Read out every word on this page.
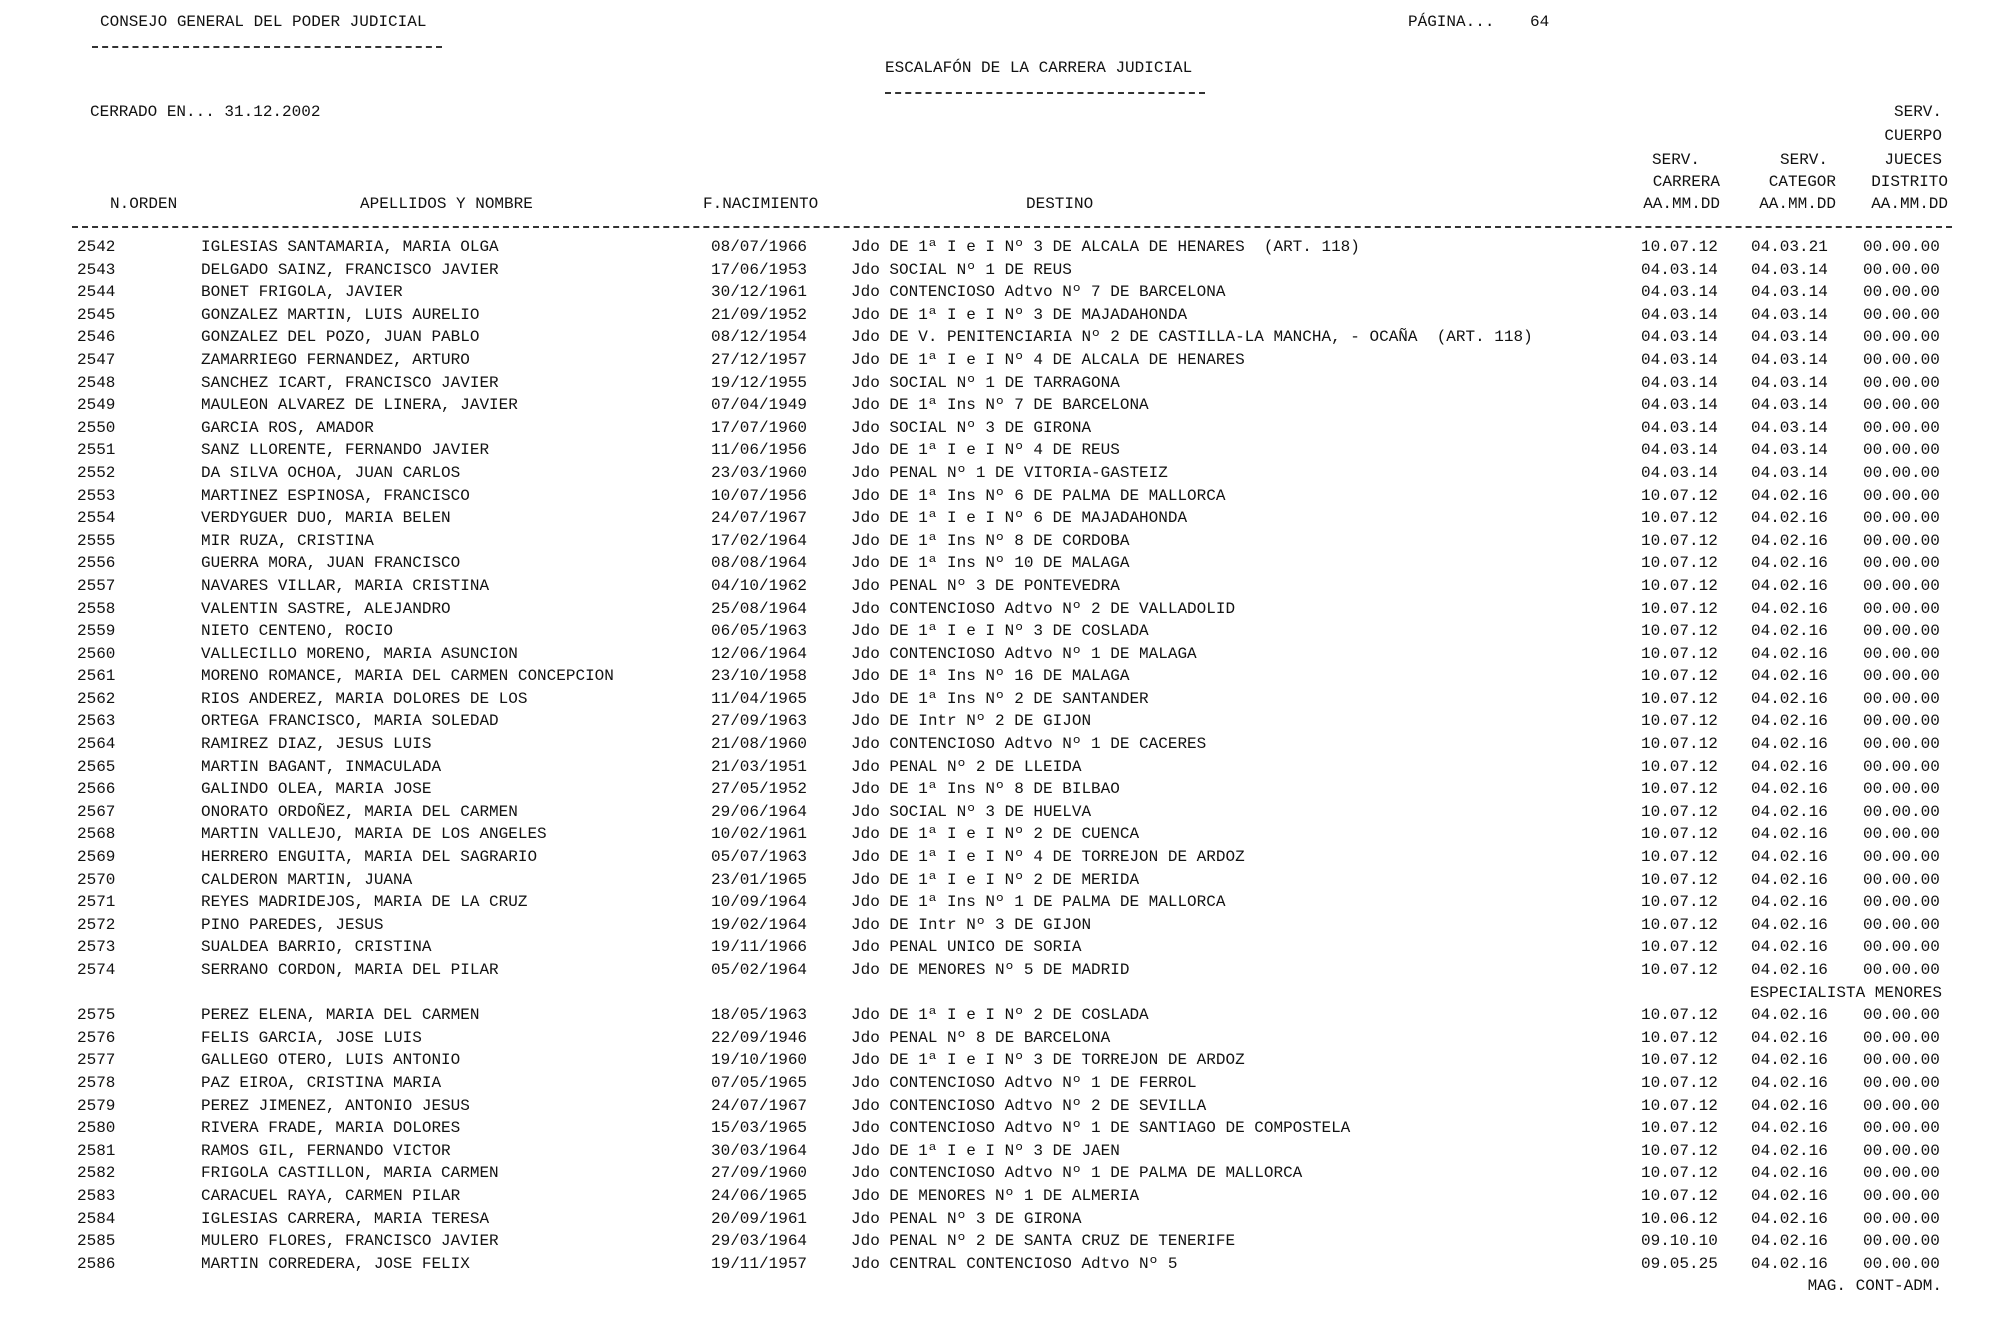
CONSEJO GENERAL DEL PODER JUDICIAL	PÁGINA... 64
ESCALAFÓN DE LA CARRERA JUDICIAL
CERRADO EN... 31.12.2002
N.ORDEN	APELLIDOS Y NOMBRE	F.NACIMIENTO	DESTINO
SERV.
CARRERA
AA.MM.DD
SERV.
CATEGOR
AA.MM.DD
SERV.
CUERPO
JUECES
DISTRITO
AA.MM.DD
2542	IGLESIAS SANTAMARIA, MARIA OLGA	08/07/1966	Jdo DE 1ª I e I Nº 3 DE ALCALA DE HENARES  (ART. 118)	10.07.12 04.03.21 00.00.00
2543	DELGADO SAINZ, FRANCISCO JAVIER	17/06/1953	Jdo SOCIAL Nº 1 DE REUS	04.03.14 04.03.14 00.00.00
2544	BONET FRIGOLA, JAVIER	30/12/1961	Jdo CONTENCIOSO Adtvo Nº 7 DE BARCELONA	04.03.14 04.03.14 00.00.00
2545	GONZALEZ MARTIN, LUIS AURELIO	21/09/1952	Jdo DE 1ª I e I Nº 3 DE MAJADAHONDA	04.03.14 04.03.14 00.00.00
2546	GONZALEZ DEL POZO, JUAN PABLO	08/12/1954	Jdo DE V. PENITENCIARIA Nº 2 DE CASTILLA-LA MANCHA, - OCAÑA  (ART. 118)	04.03.14 04.03.14 00.00.00
2547	ZAMARRIEGO FERNANDEZ, ARTURO	27/12/1957	Jdo DE 1ª I e I Nº 4 DE ALCALA DE HENARES	04.03.14 04.03.14 00.00.00
2548	SANCHEZ ICART, FRANCISCO JAVIER	19/12/1955	Jdo SOCIAL Nº 1 DE TARRAGONA	04.03.14 04.03.14 00.00.00
2549	MAULEON ALVAREZ DE LINERA, JAVIER	07/04/1949	Jdo DE 1ª Ins Nº 7 DE BARCELONA	04.03.14 04.03.14 00.00.00
2550	GARCIA ROS, AMADOR	17/07/1960	Jdo SOCIAL Nº 3 DE GIRONA	04.03.14 04.03.14 00.00.00
2551	SANZ LLORENTE, FERNANDO JAVIER	11/06/1956	Jdo DE 1ª I e I Nº 4 DE REUS	04.03.14 04.03.14 00.00.00
2552	DA SILVA OCHOA, JUAN CARLOS	23/03/1960	Jdo PENAL Nº 1 DE VITORIA-GASTEIZ	04.03.14 04.03.14 00.00.00
2553	MARTINEZ ESPINOSA, FRANCISCO	10/07/1956	Jdo DE 1ª Ins Nº 6 DE PALMA DE MALLORCA	10.07.12 04.02.16 00.00.00
2554	VERDYGUER DUO, MARIA BELEN	24/07/1967	Jdo DE 1ª I e I Nº 6 DE MAJADAHONDA	10.07.12 04.02.16 00.00.00
2555	MIR RUZA, CRISTINA	17/02/1964	Jdo DE 1ª Ins Nº 8 DE CORDOBA	10.07.12 04.02.16 00.00.00
2556	GUERRA MORA, JUAN FRANCISCO	08/08/1964	Jdo DE 1ª Ins Nº 10 DE MALAGA	10.07.12 04.02.16 00.00.00
2557	NAVARES VILLAR, MARIA CRISTINA	04/10/1962	Jdo PENAL Nº 3 DE PONTEVEDRA	10.07.12 04.02.16 00.00.00
2558	VALENTIN SASTRE, ALEJANDRO	25/08/1964	Jdo CONTENCIOSO Adtvo Nº 2 DE VALLADOLID	10.07.12 04.02.16 00.00.00
2559	NIETO CENTENO, ROCIO	06/05/1963	Jdo DE 1ª I e I Nº 3 DE COSLADA	10.07.12 04.02.16 00.00.00
2560	VALLECILLO MORENO, MARIA ASUNCION	12/06/1964	Jdo CONTENCIOSO Adtvo Nº 1 DE MALAGA	10.07.12 04.02.16 00.00.00
2561	MORENO ROMANCE, MARIA DEL CARMEN CONCEPCION	23/10/1958	Jdo DE 1ª Ins Nº 16 DE MALAGA	10.07.12 04.02.16 00.00.00
2562	RIOS ANDEREZ, MARIA DOLORES DE LOS	11/04/1965	Jdo DE 1ª Ins Nº 2 DE SANTANDER	10.07.12 04.02.16 00.00.00
2563	ORTEGA FRANCISCO, MARIA SOLEDAD	27/09/1963	Jdo DE Intr Nº 2 DE GIJON	10.07.12 04.02.16 00.00.00
2564	RAMIREZ DIAZ, JESUS LUIS	21/08/1960	Jdo CONTENCIOSO Adtvo Nº 1 DE CACERES	10.07.12 04.02.16 00.00.00
2565	MARTIN BAGANT, INMACULADA	21/03/1951	Jdo PENAL Nº 2 DE LLEIDA	10.07.12 04.02.16 00.00.00
2566	GALINDO OLEA, MARIA JOSE	27/05/1952	Jdo DE 1ª Ins Nº 8 DE BILBAO	10.07.12 04.02.16 00.00.00
2567	ONORATO ORDOÑEZ, MARIA DEL CARMEN	29/06/1964	Jdo SOCIAL Nº 3 DE HUELVA	10.07.12 04.02.16 00.00.00
2568	MARTIN VALLEJO, MARIA DE LOS ANGELES	10/02/1961	Jdo DE 1ª I e I Nº 2 DE CUENCA	10.07.12 04.02.16 00.00.00
2569	HERRERO ENGUITA, MARIA DEL SAGRARIO	05/07/1963	Jdo DE 1ª I e I Nº 4 DE TORREJON DE ARDOZ	10.07.12 04.02.16 00.00.00
2570	CALDERON MARTIN, JUANA	23/01/1965	Jdo DE 1ª I e I Nº 2 DE MERIDA	10.07.12 04.02.16 00.00.00
2571	REYES MADRIDEJOS, MARIA DE LA CRUZ	10/09/1964	Jdo DE 1ª Ins Nº 1 DE PALMA DE MALLORCA	10.07.12 04.02.16 00.00.00
2572	PINO PAREDES, JESUS	19/02/1964	Jdo DE Intr Nº 3 DE GIJON	10.07.12 04.02.16 00.00.00
2573	SUALDEA BARRIO, CRISTINA	19/11/1966	Jdo PENAL UNICO DE SORIA	10.07.12 04.02.16 00.00.00
2574	SERRANO CORDON, MARIA DEL PILAR	05/02/1964	Jdo DE MENORES Nº 5 DE MADRID	10.07.12 04.02.16 00.00.00
ESPECIALISTA MENORES
2575	PEREZ ELENA, MARIA DEL CARMEN	18/05/1963	Jdo DE 1ª I e I Nº 2 DE COSLADA	10.07.12 04.02.16 00.00.00
2576	FELIS GARCIA, JOSE LUIS	22/09/1946	Jdo PENAL Nº 8 DE BARCELONA	10.07.12 04.02.16 00.00.00
2577	GALLEGO OTERO, LUIS ANTONIO	19/10/1960	Jdo DE 1ª I e I Nº 3 DE TORREJON DE ARDOZ	10.07.12 04.02.16 00.00.00
2578	PAZ EIROA, CRISTINA MARIA	07/05/1965	Jdo CONTENCIOSO Adtvo Nº 1 DE FERROL	10.07.12 04.02.16 00.00.00
2579	PEREZ JIMENEZ, ANTONIO JESUS	24/07/1967	Jdo CONTENCIOSO Adtvo Nº 2 DE SEVILLA	10.07.12 04.02.16 00.00.00
2580	RIVERA FRADE, MARIA DOLORES	15/03/1965	Jdo CONTENCIOSO Adtvo Nº 1 DE SANTIAGO DE COMPOSTELA	10.07.12 04.02.16 00.00.00
2581	RAMOS GIL, FERNANDO VICTOR	30/03/1964	Jdo DE 1ª I e I Nº 3 DE JAEN	10.07.12 04.02.16 00.00.00
2582	FRIGOLA CASTILLON, MARIA CARMEN	27/09/1960	Jdo CONTENCIOSO Adtvo Nº 1 DE PALMA DE MALLORCA	10.07.12 04.02.16 00.00.00
2583	CARACUEL RAYA, CARMEN PILAR	24/06/1965	Jdo DE MENORES Nº 1 DE ALMERIA	10.07.12 04.02.16 00.00.00
2584	IGLESIAS CARRERA, MARIA TERESA	20/09/1961	Jdo PENAL Nº 3 DE GIRONA	10.06.12 04.02.16 00.00.00
2585	MULERO FLORES, FRANCISCO JAVIER	29/03/1964	Jdo PENAL Nº 2 DE SANTA CRUZ DE TENERIFE	09.10.10 04.02.16 00.00.00
2586	MARTIN CORREDERA, JOSE FELIX	19/11/1957	Jdo CENTRAL CONTENCIOSO Adtvo Nº 5	09.05.25 04.02.16 00.00.00
MAG. CONT-ADM.
